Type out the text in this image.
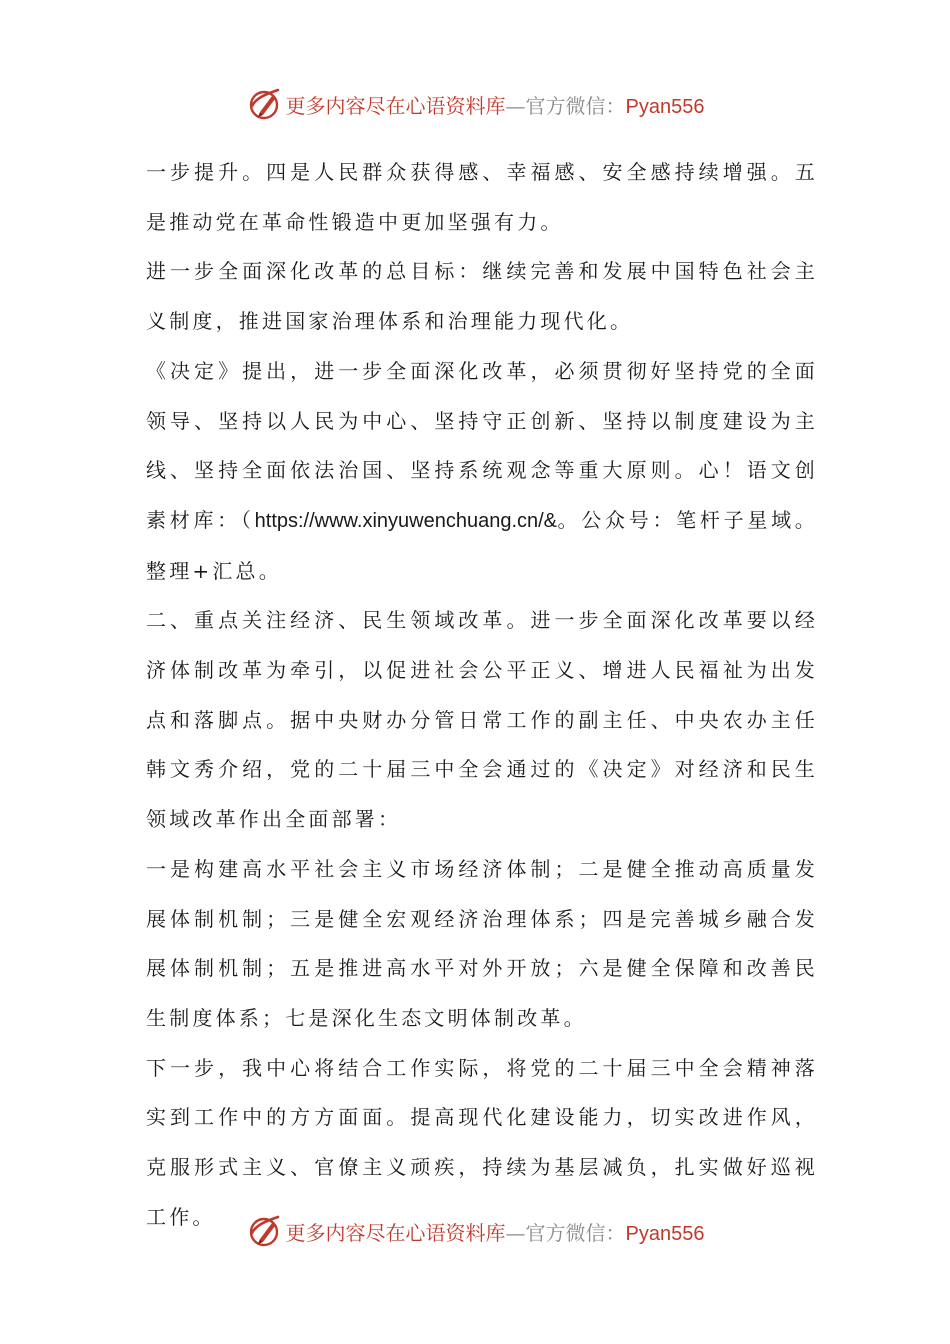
更多内容尽在心语资料库—官方微信：Pyan556

一步提升。四是人民群众获得感、幸福感、安全感持续增强。五是推动党在革命性锻造中更加坚强有力。

进一步全面深化改革的总目标：继续完善和发展中国特色社会主义制度，推进国家治理体系和治理能力现代化。

《决定》提出，进一步全面深化改革，必须贯彻好坚持党的全面领导、坚持以人民为中心、坚持守正创新、坚持以制度建设为主线、坚持全面依法治国、坚持系统观念等重大原则。心！语文创素材库：（https://www.xinyuwenchuang.cn/&。公众号：笔杆子星域。整理+汇总。

二、重点关注经济、民生领域改革。进一步全面深化改革要以经济体制改革为牵引，以促进社会公平正义、增进人民福祉为出发点和落脚点。据中央财办分管日常工作的副主任、中央农办主任韩文秀介绍，党的二十届三中全会通过的《决定》对经济和民生领域改革作出全面部署：

一是构建高水平社会主义市场经济体制；二是健全推动高质量发展体制机制；三是健全宏观经济治理体系；四是完善城乡融合发展体制机制；五是推进高水平对外开放；六是健全保障和改善民生制度体系；七是深化生态文明体制改革。

下一步，我中心将结合工作实际，将党的二十届三中全会精神落实到工作中的方方面面。提高现代化建设能力，切实改进作风，克服形式主义、官僚主义顽疾，持续为基层减负，扎实做好巡视工作。

更多内容尽在心语资料库—官方微信：Pyan556
